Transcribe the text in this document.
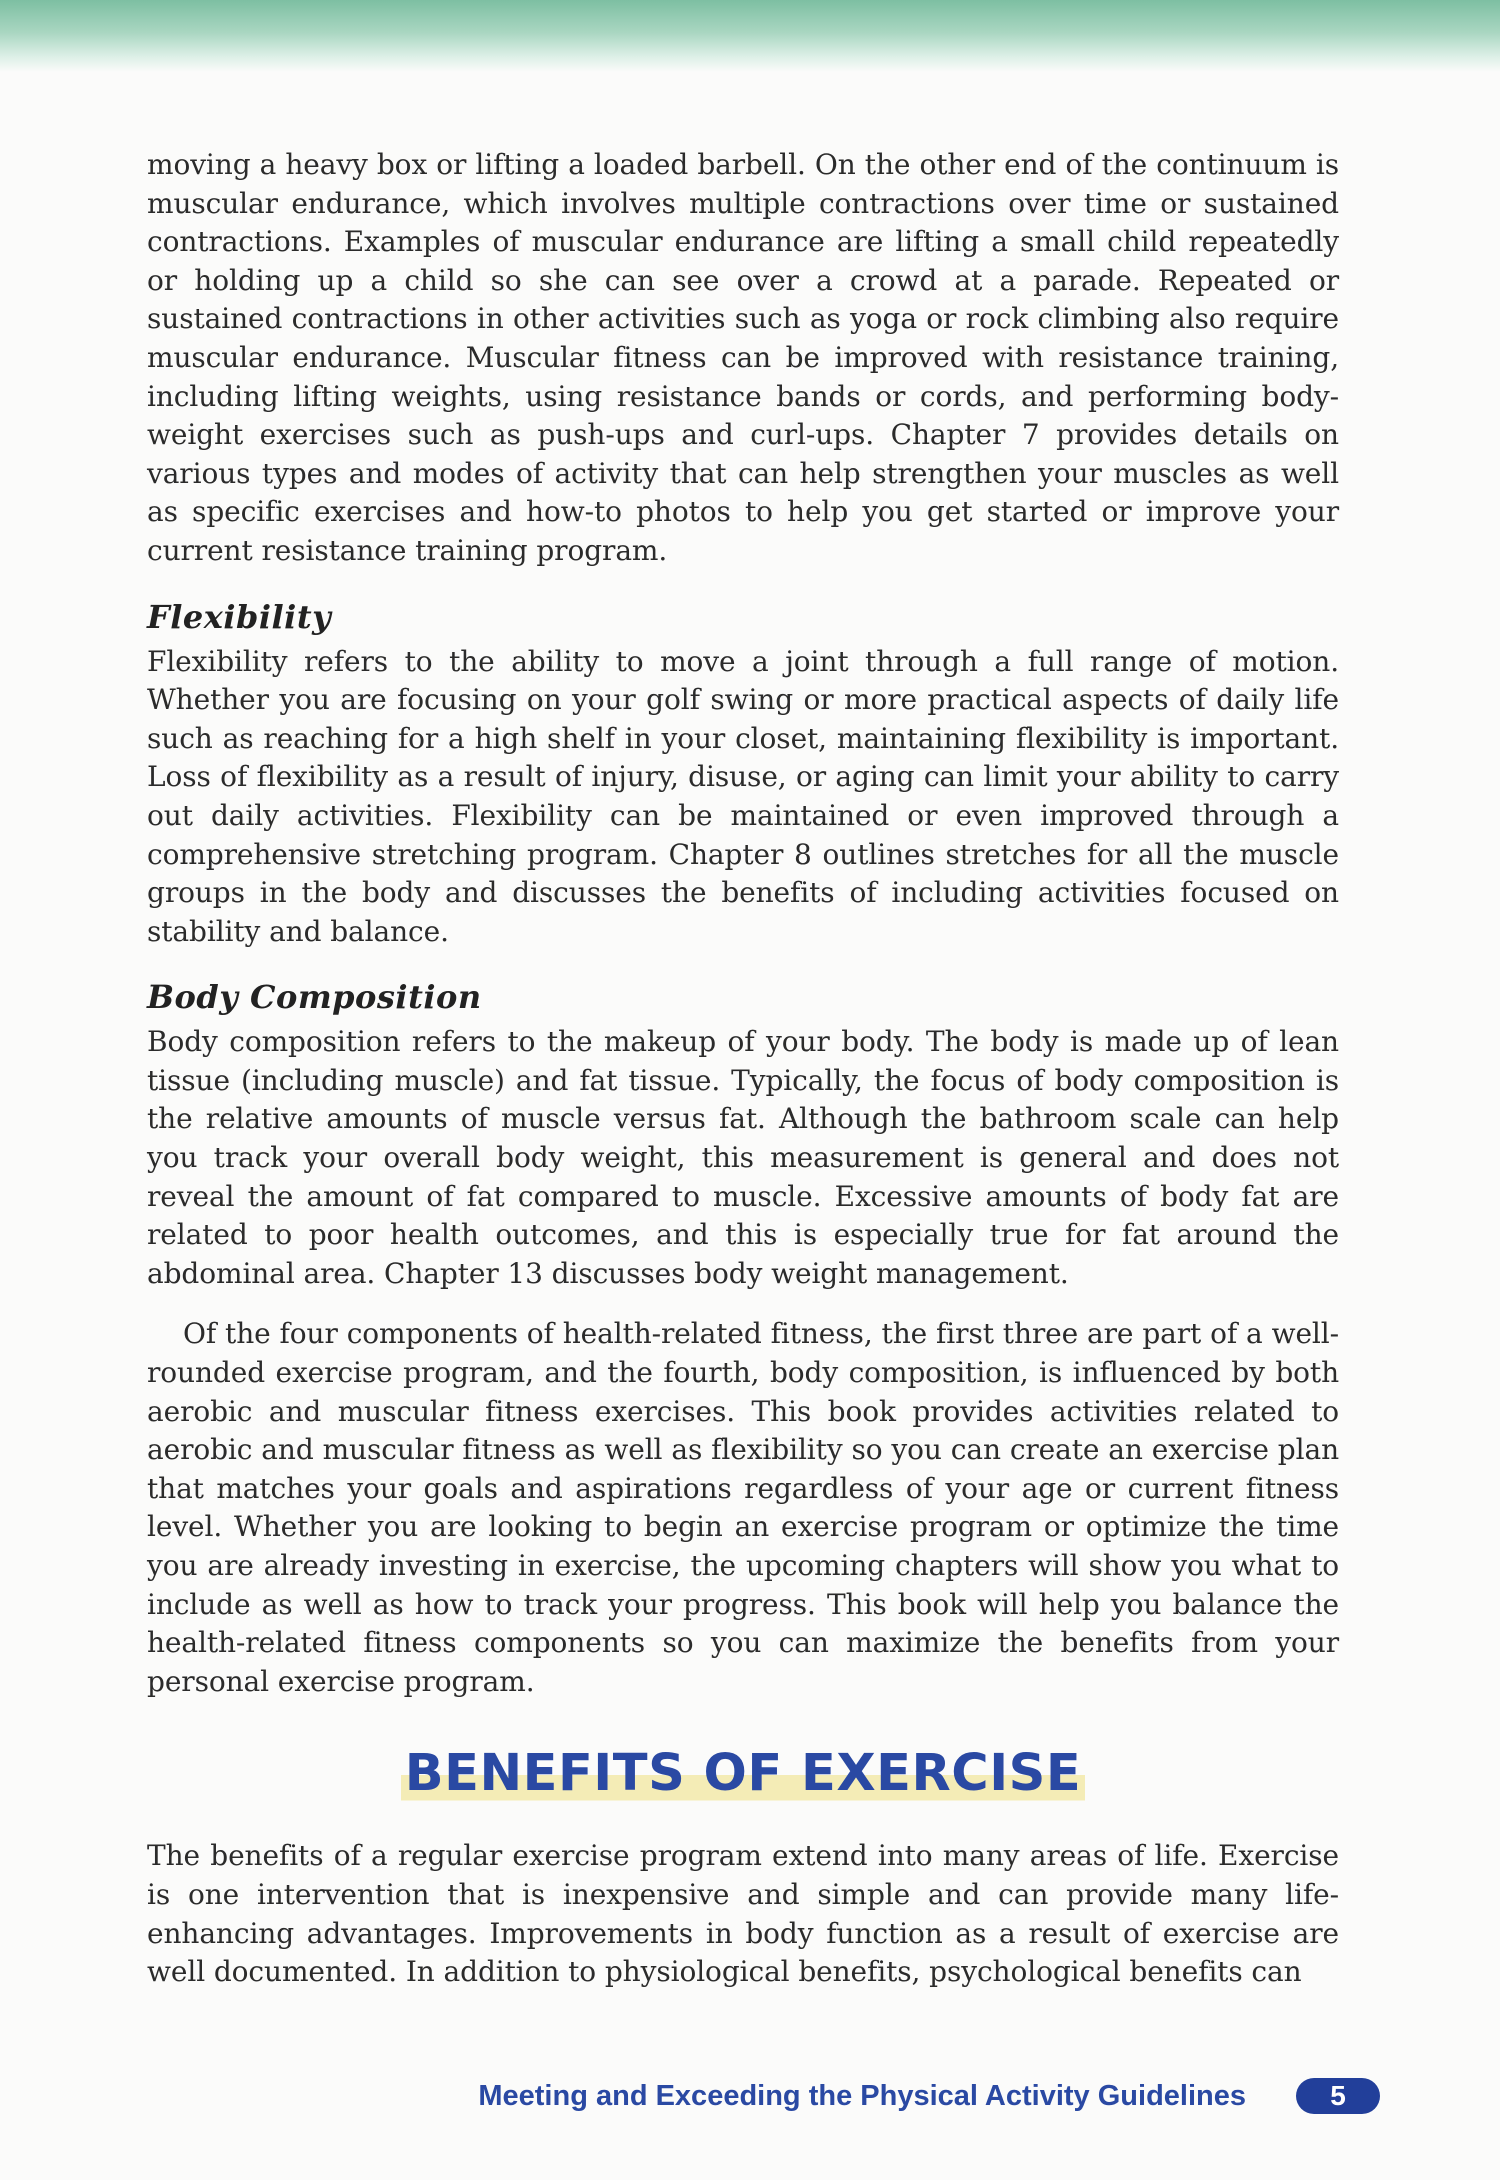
moving a heavy box or lifting a loaded barbell. On the other end of the continuum is muscular endurance, which involves multiple contractions over time or sustained contractions. Examples of muscular endurance are lifting a small child repeatedly or holding up a child so she can see over a crowd at a parade. Repeated or sustained contractions in other activities such as yoga or rock climbing also require muscular endurance. Muscular fitness can be improved with resistance training, including lifting weights, using resistance bands or cords, and performing body-weight exercises such as push-ups and curl-ups. Chapter 7 provides details on various types and modes of activity that can help strengthen your muscles as well as specific exercises and how-to photos to help you get started or improve your current resistance training program.

Flexibility

Flexibility refers to the ability to move a joint through a full range of motion. Whether you are focusing on your golf swing or more practical aspects of daily life such as reaching for a high shelf in your closet, maintaining flexibility is important. Loss of flexibility as a result of injury, disuse, or aging can limit your ability to carry out daily activities. Flexibility can be maintained or even improved through a comprehensive stretching program. Chapter 8 outlines stretches for all the muscle groups in the body and discusses the benefits of including activities focused on stability and balance.

Body Composition

Body composition refers to the makeup of your body. The body is made up of lean tissue (including muscle) and fat tissue. Typically, the focus of body composition is the relative amounts of muscle versus fat. Although the bathroom scale can help you track your overall body weight, this measurement is general and does not reveal the amount of fat compared to muscle. Excessive amounts of body fat are related to poor health outcomes, and this is especially true for fat around the abdominal area. Chapter 13 discusses body weight management.

Of the four components of health-related fitness, the first three are part of a well-rounded exercise program, and the fourth, body composition, is influenced by both aerobic and muscular fitness exercises. This book provides activities related to aerobic and muscular fitness as well as flexibility so you can create an exercise plan that matches your goals and aspirations regardless of your age or current fitness level. Whether you are looking to begin an exercise program or optimize the time you are already investing in exercise, the upcoming chapters will show you what to include as well as how to track your progress. This book will help you balance the health-related fitness components so you can maximize the benefits from your personal exercise program.

BENEFITS OF EXERCISE

The benefits of a regular exercise program extend into many areas of life. Exercise is one intervention that is inexpensive and simple and can provide many life-enhancing advantages. Improvements in body function as a result of exercise are well documented. In addition to physiological benefits, psychological benefits can

Meeting and Exceeding the Physical Activity Guidelines	5
